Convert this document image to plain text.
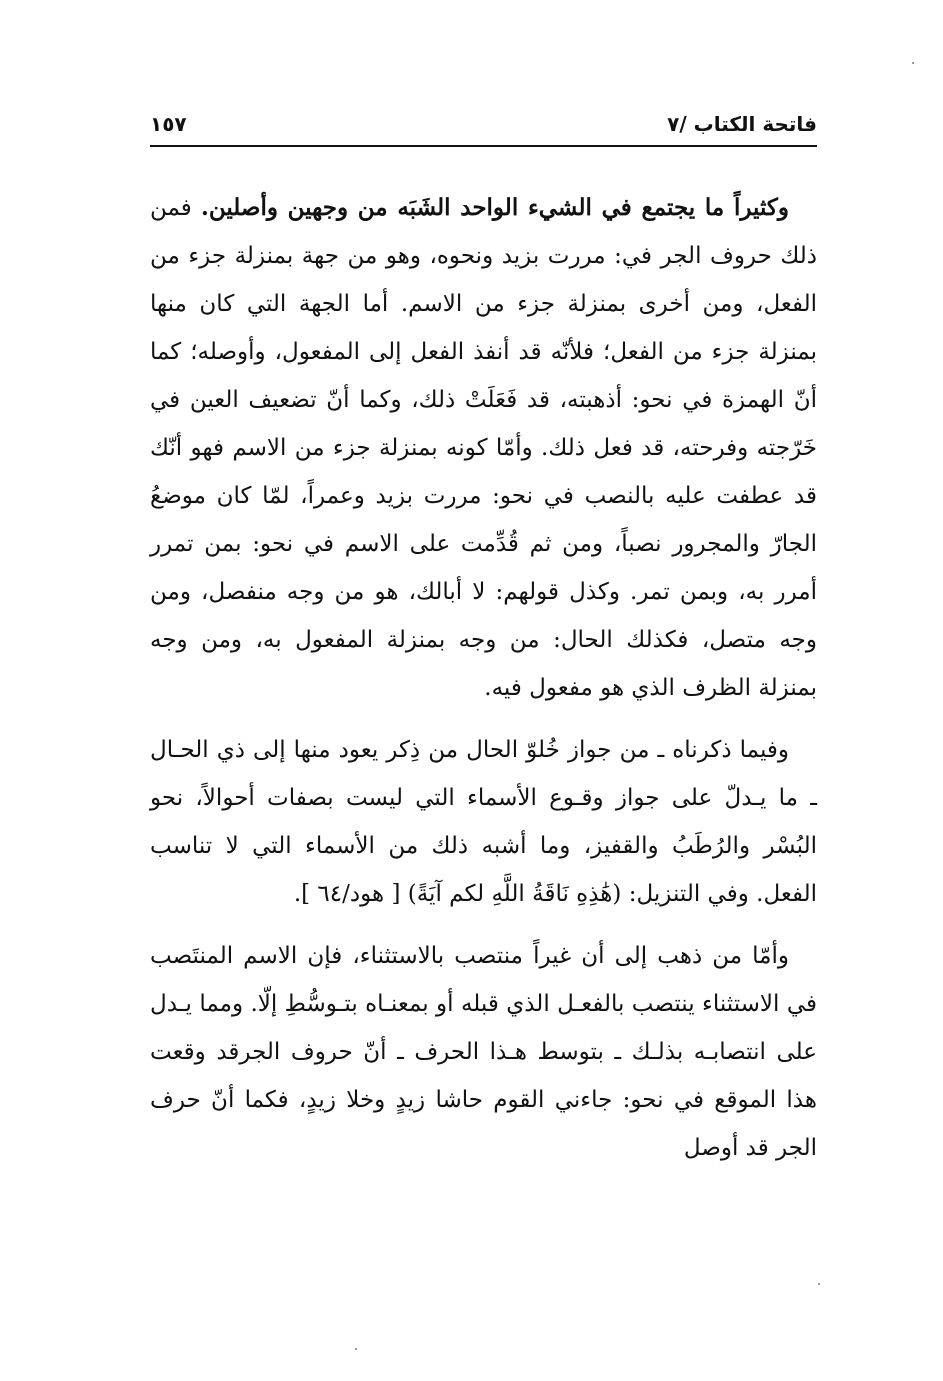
فاتحة الكتاب /٧
١٥٧

وكثيراً ما يجتمع في الشيء الواحد الشَبَه من وجهين وأصلين. فمن ذلك حروف الجر في: مررت بزيد ونحوه، وهو من جهة بمنزلة جزء من الفعل، ومن أخرى بمنزلة جزء من الاسم. أما الجهة التي كان منها بمنزلة جزء من الفعل؛ فلأنّه قد أنفذ الفعل إلى المفعول، وأوصله؛ كما أنّ الهمزة في نحو: أذهبته، قد فَعَلَتْ ذلك، وكما أنّ تضعيف العين في خَرّجته وفرحته، قد فعل ذلك. وأمّا كونه بمنزلة جزء من الاسم فهو أنّك قد عطفت عليه بالنصب في نحو: مررت بزيد وعمراً، لمّا كان موضعُ الجارّ والمجرور نصباً، ومن ثم قُدِّمت على الاسم في نحو: بمن تمرر أمرر به، وبمن تمر. وكذل قولهم: لا أبالك، هو من وجه منفصل، ومن وجه متصل، فكذلك الحال: من وجه بمنزلة المفعول به، ومن وجه بمنزلة الظرف الذي هو مفعول فيه.

وفيما ذكرناه ـ من جواز خُلوّ الحال من ذِكر يعود منها إلى ذي الحـال ـ ما يـدلّ على جواز وقـوع الأسماء التي ليست بصفات أحوالاً، نحو البُسْر والرُطَبُ والقفيز، وما أشبه ذلك من الأسماء التي لا تناسب الفعل. وفي التنزيل: (هَٰذِهِ نَاقَةُ اللَّهِ لكم آيَةً) [ هود/٦٤ ].

وأمّا من ذهب إلى أن غيراً منتصب بالاستثناء، فإن الاسم المنتَصب في الاستثناء ينتصب بالفعـل الذي قبله أو بمعنـاه بتـوسُّطِ إلّا. ومما يـدل على انتصابـه بذلـك ـ بتوسط هـذا الحرف ـ أنّ حروف الجرقد وقعت هذا الموقع في نحو: جاءني القوم حاشا زيدٍ وخلا زيدٍ، فكما أنّ حرف الجر قد أوصل
